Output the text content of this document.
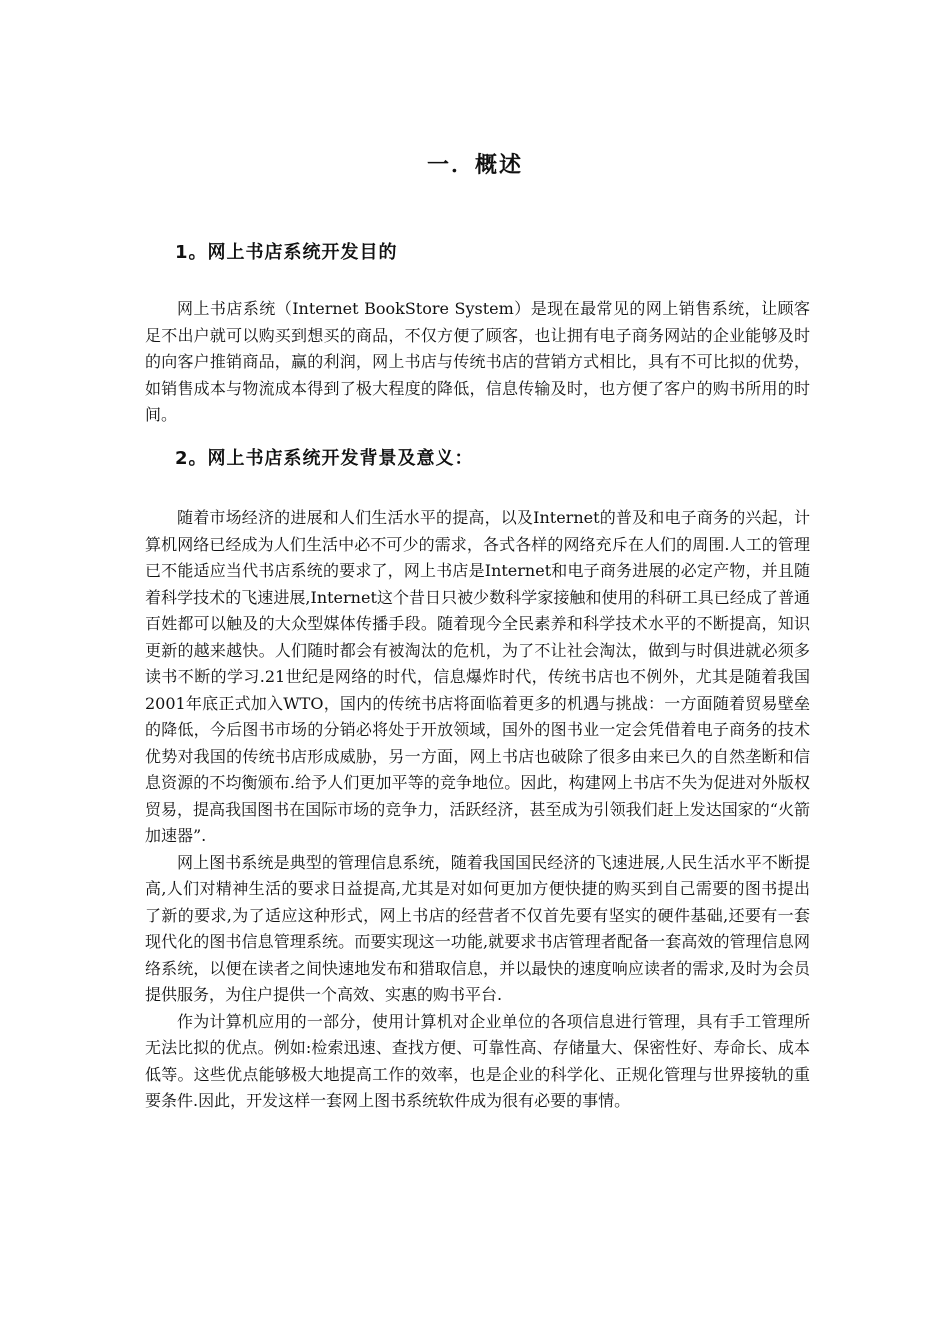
一．概述
1。网上书店系统开发目的

网上书店系统（Internet BookStore System）是现在最常见的网上销售系统，让顾客足不出户就可以购买到想买的商品，不仅方便了顾客，也让拥有电子商务网站的企业能够及时的向客户推销商品，赢的利润，网上书店与传统书店的营销方式相比，具有不可比拟的优势，如销售成本与物流成本得到了极大程度的降低，信息传输及时，也方便了客户的购书所用的时间。

2。网上书店系统开发背景及意义：

随着市场经济的进展和人们生活水平的提高，以及Internet的普及和电子商务的兴起，计算机网络已经成为人们生活中必不可少的需求，各式各样的网络充斥在人们的周围.人工的管理已不能适应当代书店系统的要求了，网上书店是Internet和电子商务进展的必定产物，并且随着科学技术的飞速进展,Internet这个昔日只被少数科学家接触和使用的科研工具已经成了普通百姓都可以触及的大众型媒体传播手段。随着现今全民素养和科学技术水平的不断提高，知识更新的越来越快。人们随时都会有被淘汰的危机，为了不让社会淘汰，做到与时俱进就必须多读书不断的学习.21世纪是网络的时代，信息爆炸时代，传统书店也不例外，尤其是随着我国2001年底正式加入WTO，国内的传统书店将面临着更多的机遇与挑战：一方面随着贸易壁垒的降低，今后图书市场的分销必将处于开放领域，国外的图书业一定会凭借着电子商务的技术优势对我国的传统书店形成威胁，另一方面，网上书店也破除了很多由来已久的自然垄断和信息资源的不均衡颁布.给予人们更加平等的竞争地位。因此，构建网上书店不失为促进对外版权贸易，提高我国图书在国际市场的竞争力，活跃经济，甚至成为引领我们赶上发达国家的“火箭加速器”.

网上图书系统是典型的管理信息系统，随着我国国民经济的飞速进展,人民生活水平不断提高,人们对精神生活的要求日益提高,尤其是对如何更加方便快捷的购买到自己需要的图书提出了新的要求,为了适应这种形式，网上书店的经营者不仅首先要有坚实的硬件基础,还要有一套现代化的图书信息管理系统。而要实现这一功能,就要求书店管理者配备一套高效的管理信息网络系统，以便在读者之间快速地发布和猎取信息，并以最快的速度响应读者的需求,及时为会员提供服务，为住户提供一个高效、实惠的购书平台.

作为计算机应用的一部分，使用计算机对企业单位的各项信息进行管理，具有手工管理所无法比拟的优点。例如:检索迅速、查找方便、可靠性高、存储量大、保密性好、寿命长、成本低等。这些优点能够极大地提高工作的效率，也是企业的科学化、正规化管理与世界接轨的重要条件.因此，开发这样一套网上图书系统软件成为很有必要的事情。
